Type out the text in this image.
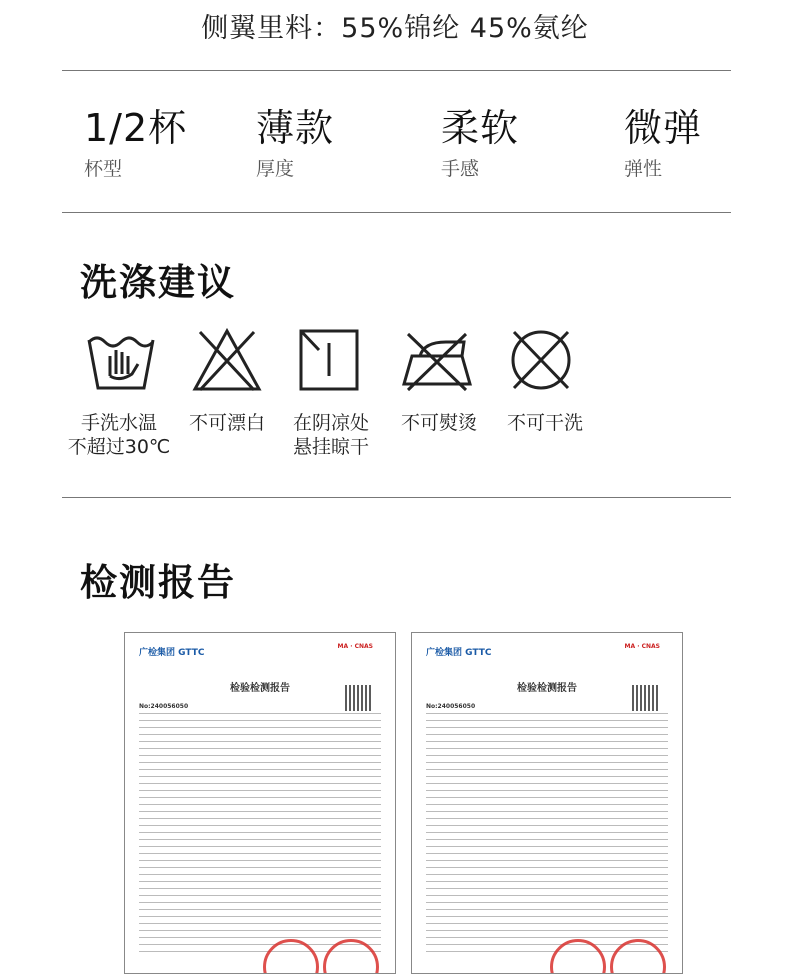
侧翼里料：55%锦纶 45%氨纶
1/2杯
杯型
薄款
厚度
柔软
手感
微弹
弹性
洗涤建议
手洗水温
不超过30℃
不可漂白	在阴凉处
悬挂晾干
不可熨烫	不可干洗
检测报告
广检集团 GTTC
MA · CNAS
检验检测报告
No:240056050
广检集团 GTTC
MA · CNAS
检验检测报告
No:240056050
